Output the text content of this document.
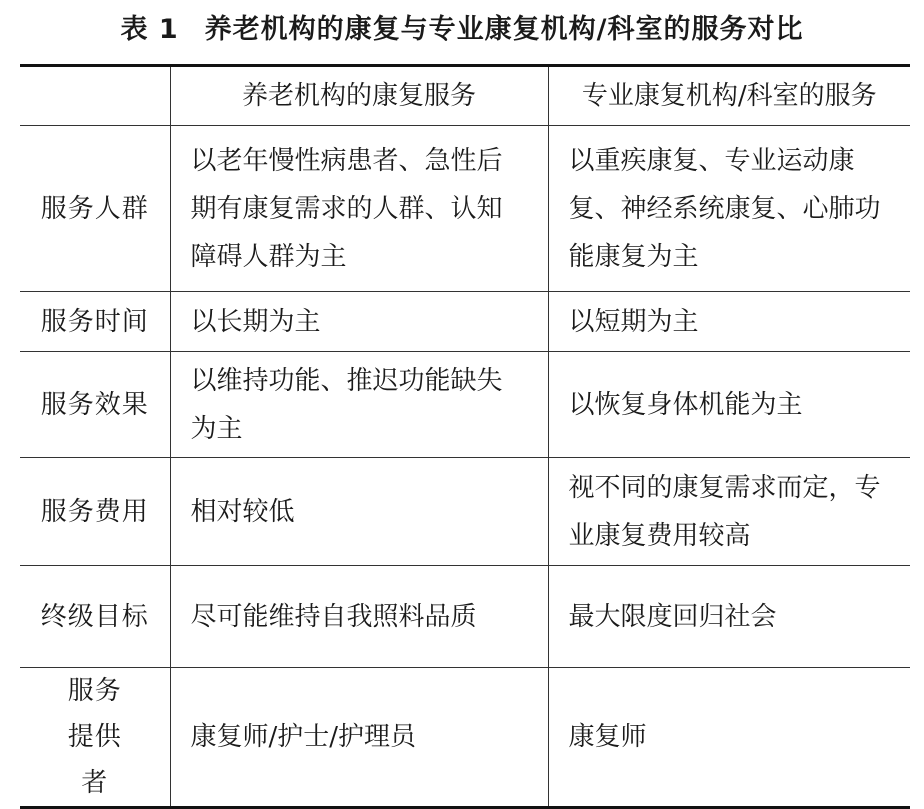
表 1 养老机构的康复与专业康复机构/科室的服务对比
	养老机构的康复服务	专业康复机构/科室的服务
服务人群	以老年慢性病患者、急性后期有康复需求的人群、认知障碍人群为主	以重疾康复、专业运动康复、神经系统康复、心肺功能康复为主
服务时间	以长期为主	以短期为主
服务效果	以维持功能、推迟功能缺失为主	以恢复身体机能为主
服务费用	相对较低	视不同的康复需求而定，专业康复费用较高
终级目标	尽可能维持自我照料品质	最大限度回归社会
服务提供者	康复师/护士/护理员	康复师
